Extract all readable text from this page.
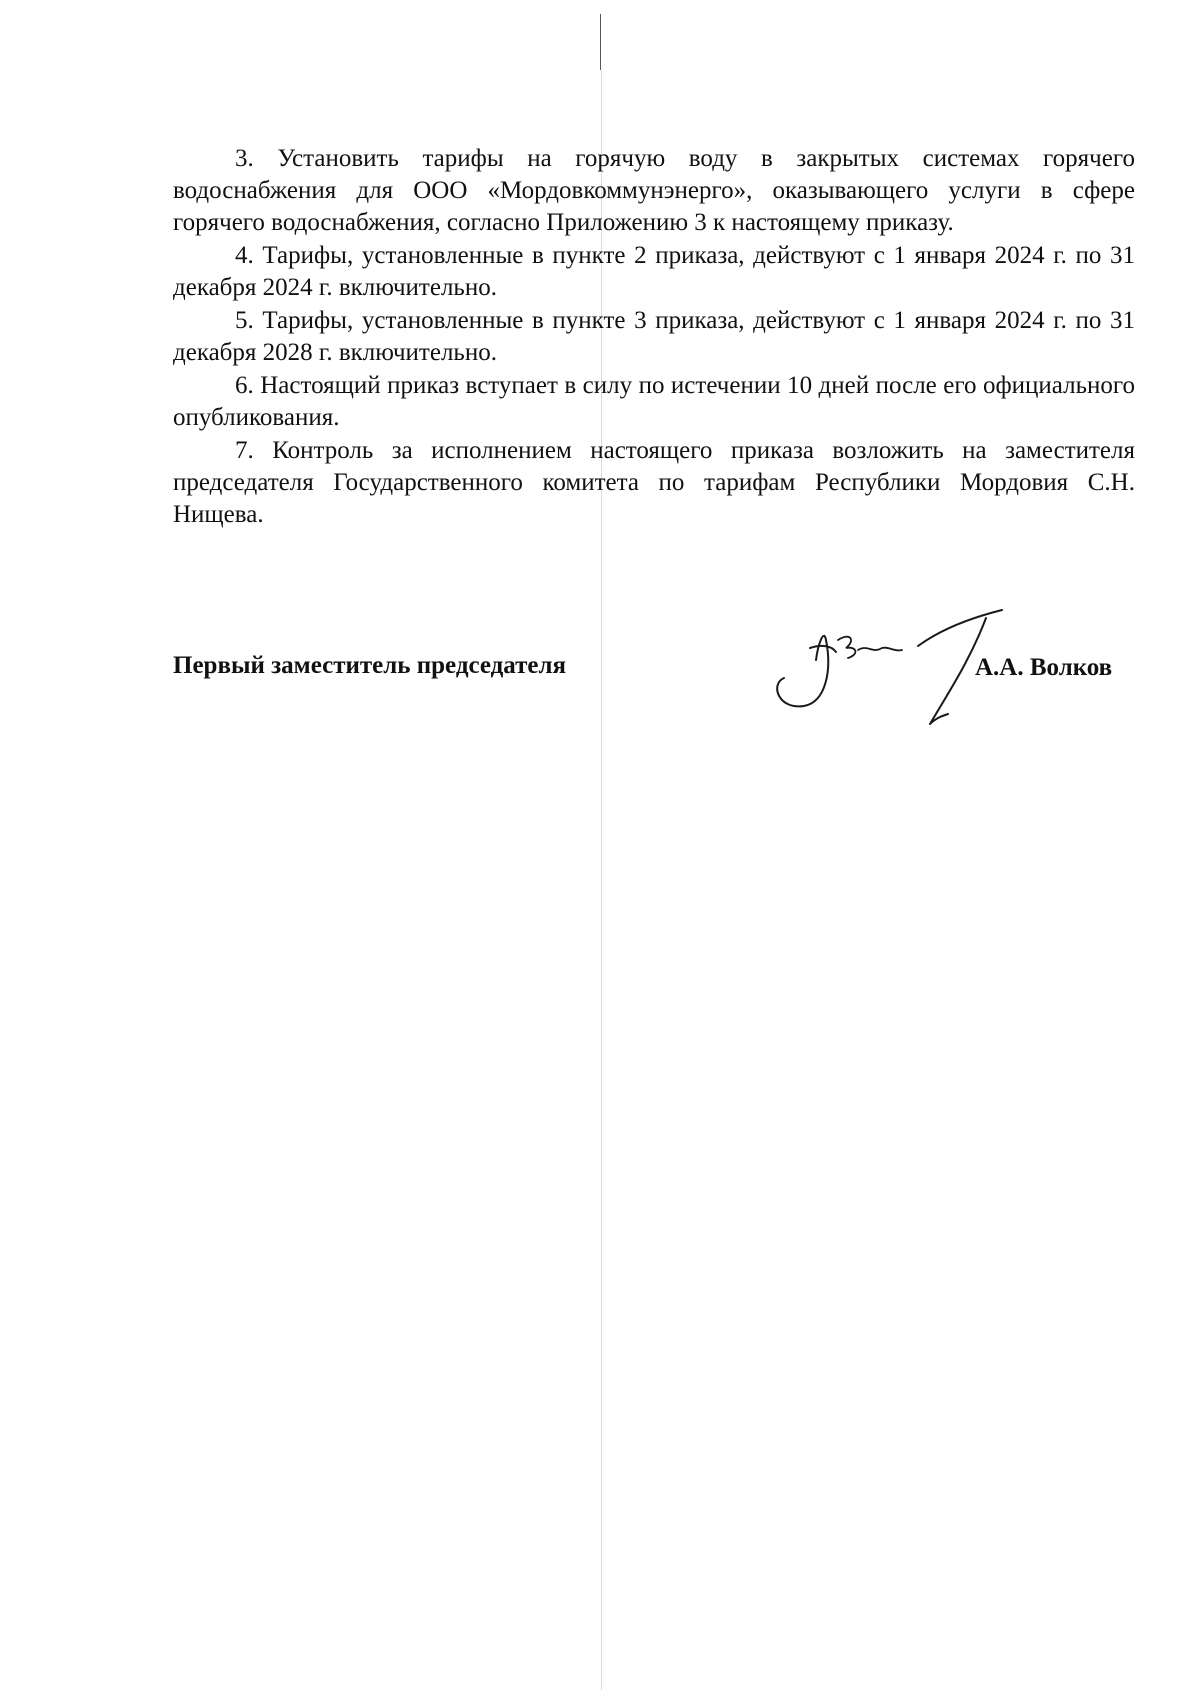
3. Установить тарифы на горячую воду в закрытых системах горячего водоснабжения для ООО «Мордовкоммунэнерго», оказывающего услуги в сфере горячего водоснабжения, согласно Приложению 3 к настоящему приказу.

4. Тарифы, установленные в пункте 2 приказа, действуют с 1 января 2024 г. по 31 декабря 2024 г. включительно.

5. Тарифы, установленные в пункте 3 приказа, действуют с 1 января 2024 г. по 31 декабря 2028 г. включительно.

6. Настоящий приказ вступает в силу по истечении 10 дней после его официального опубликования.

7. Контроль за исполнением настоящего приказа возложить на заместителя председателя Государственного комитета по тарифам Республики Мордовия С.Н. Нищева.

Первый заместитель председателя	А.А. Волков
